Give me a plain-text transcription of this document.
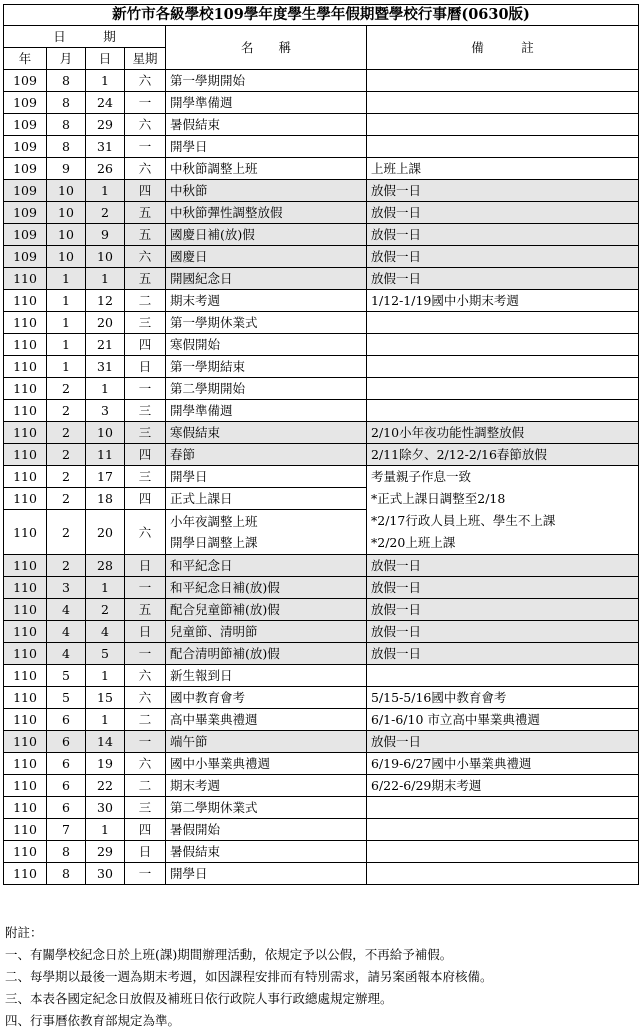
新竹市各級學校109學年度學生學年假期暨學校行事曆(0630版)					
日　　　期				名　　稱	備　　　註
年	月	日	星期		
109	8	1	六	第一學期開始	
109	8	24	一	開學準備週	
109	8	29	六	暑假結束	
109	8	31	一	開學日	
109	9	26	六	中秋節調整上班	上班上課
109	10	1	四	中秋節	放假一日
109	10	2	五	中秋節彈性調整放假	放假一日
109	10	9	五	國慶日補(放)假	放假一日
109	10	10	六	國慶日	放假一日
110	1	1	五	開國紀念日	放假一日
110	1	12	二	期末考週	1/12-1/19國中小期末考週
110	1	20	三	第一學期休業式	
110	1	21	四	寒假開始	
110	1	31	日	第一學期結束	
110	2	1	一	第二學期開始	
110	2	3	三	開學準備週	
110	2	10	三	寒假結束	2/10小年夜功能性調整放假
110	2	11	四	春節	2/11除夕、2/12-2/16春節放假
110	2	17	三	開學日	考量親子作息一致
*正式上課日調整至2/18
*2/17行政人員上班、學生不上課
*2/20上班上課

110	2	18	四	正式上課日	
110	2	20	六	小年夜調整上班
開學日調整上課	

110	2	28	日	和平紀念日	放假一日
110	3	1	一	和平紀念日補(放)假	放假一日
110	4	2	五	配合兒童節補(放)假	放假一日
110	4	4	日	兒童節、清明節	放假一日
110	4	5	一	配合清明節補(放)假	放假一日
110	5	1	六	新生報到日	
110	5	15	六	國中教育會考	5/15-5/16國中教育會考
110	6	1	二	高中畢業典禮週	6/1-6/10 市立高中畢業典禮週
110	6	14	一	端午節	放假一日
110	6	19	六	國中小畢業典禮週	6/19-6/27國中小畢業典禮週
110	6	22	二	期末考週	6/22-6/29期末考週
110	6	30	三	第二學期休業式	
110	7	1	四	暑假開始	
110	8	29	日	暑假結束	
110	8	30	一	開學日	
附註：
一、有關學校紀念日於上班(課)期間辦理活動，依規定予以公假，不再給予補假。
二、每學期以最後一週為期末考週，如因課程安排而有特別需求，請另案函報本府核備。
三、本表各國定紀念日放假及補班日依行政院人事行政總處規定辦理。
四、行事曆依教育部規定為準。
